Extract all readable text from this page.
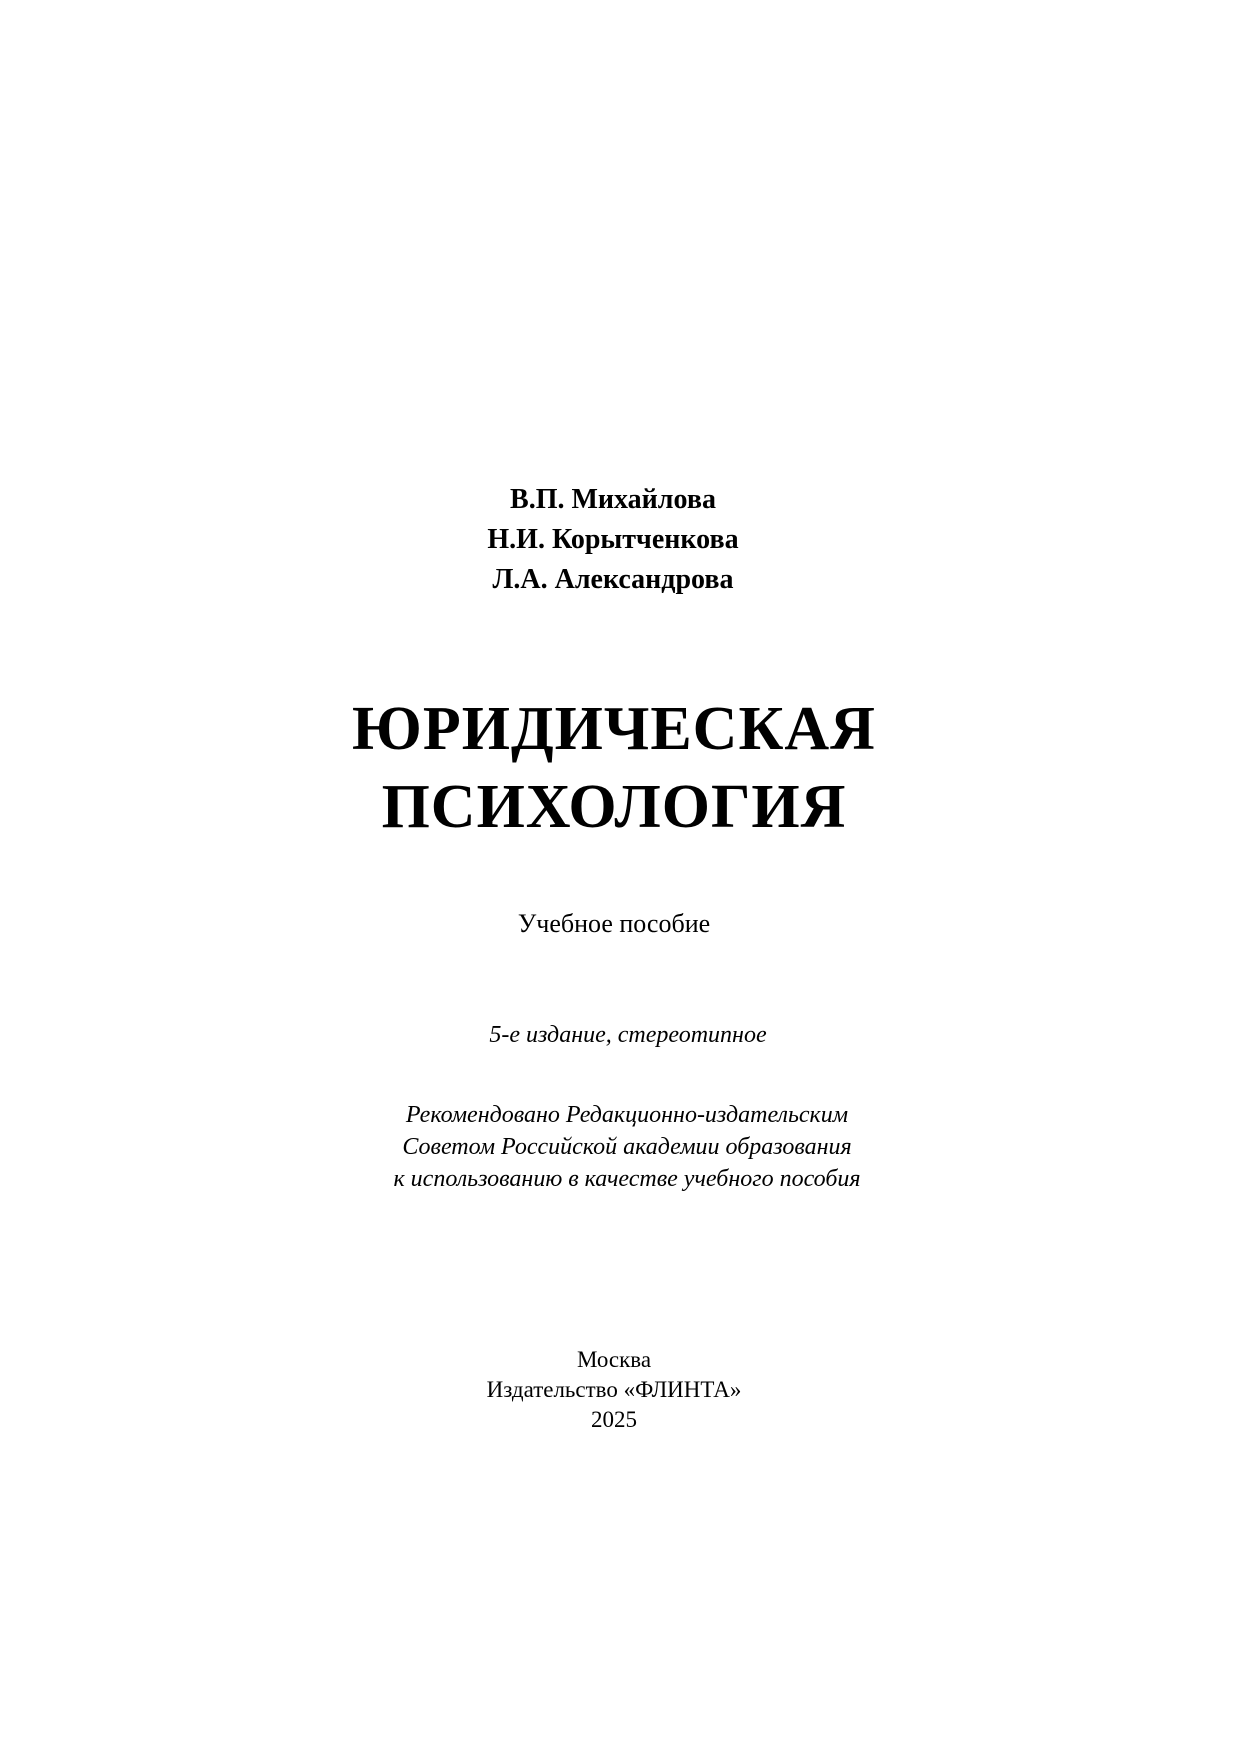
В.П. Михайлова
Н.И. Корытченкова
Л.А. Александрова
ЮРИДИЧЕСКАЯ
ПСИХОЛОГИЯ
Учебное пособие
5-е издание, стереотипное
Рекомендовано Редакционно-издательским
Советом Российской академии образования
к использованию в качестве учебного пособия
Москва
Издательство «ФЛИНТА»
2025
